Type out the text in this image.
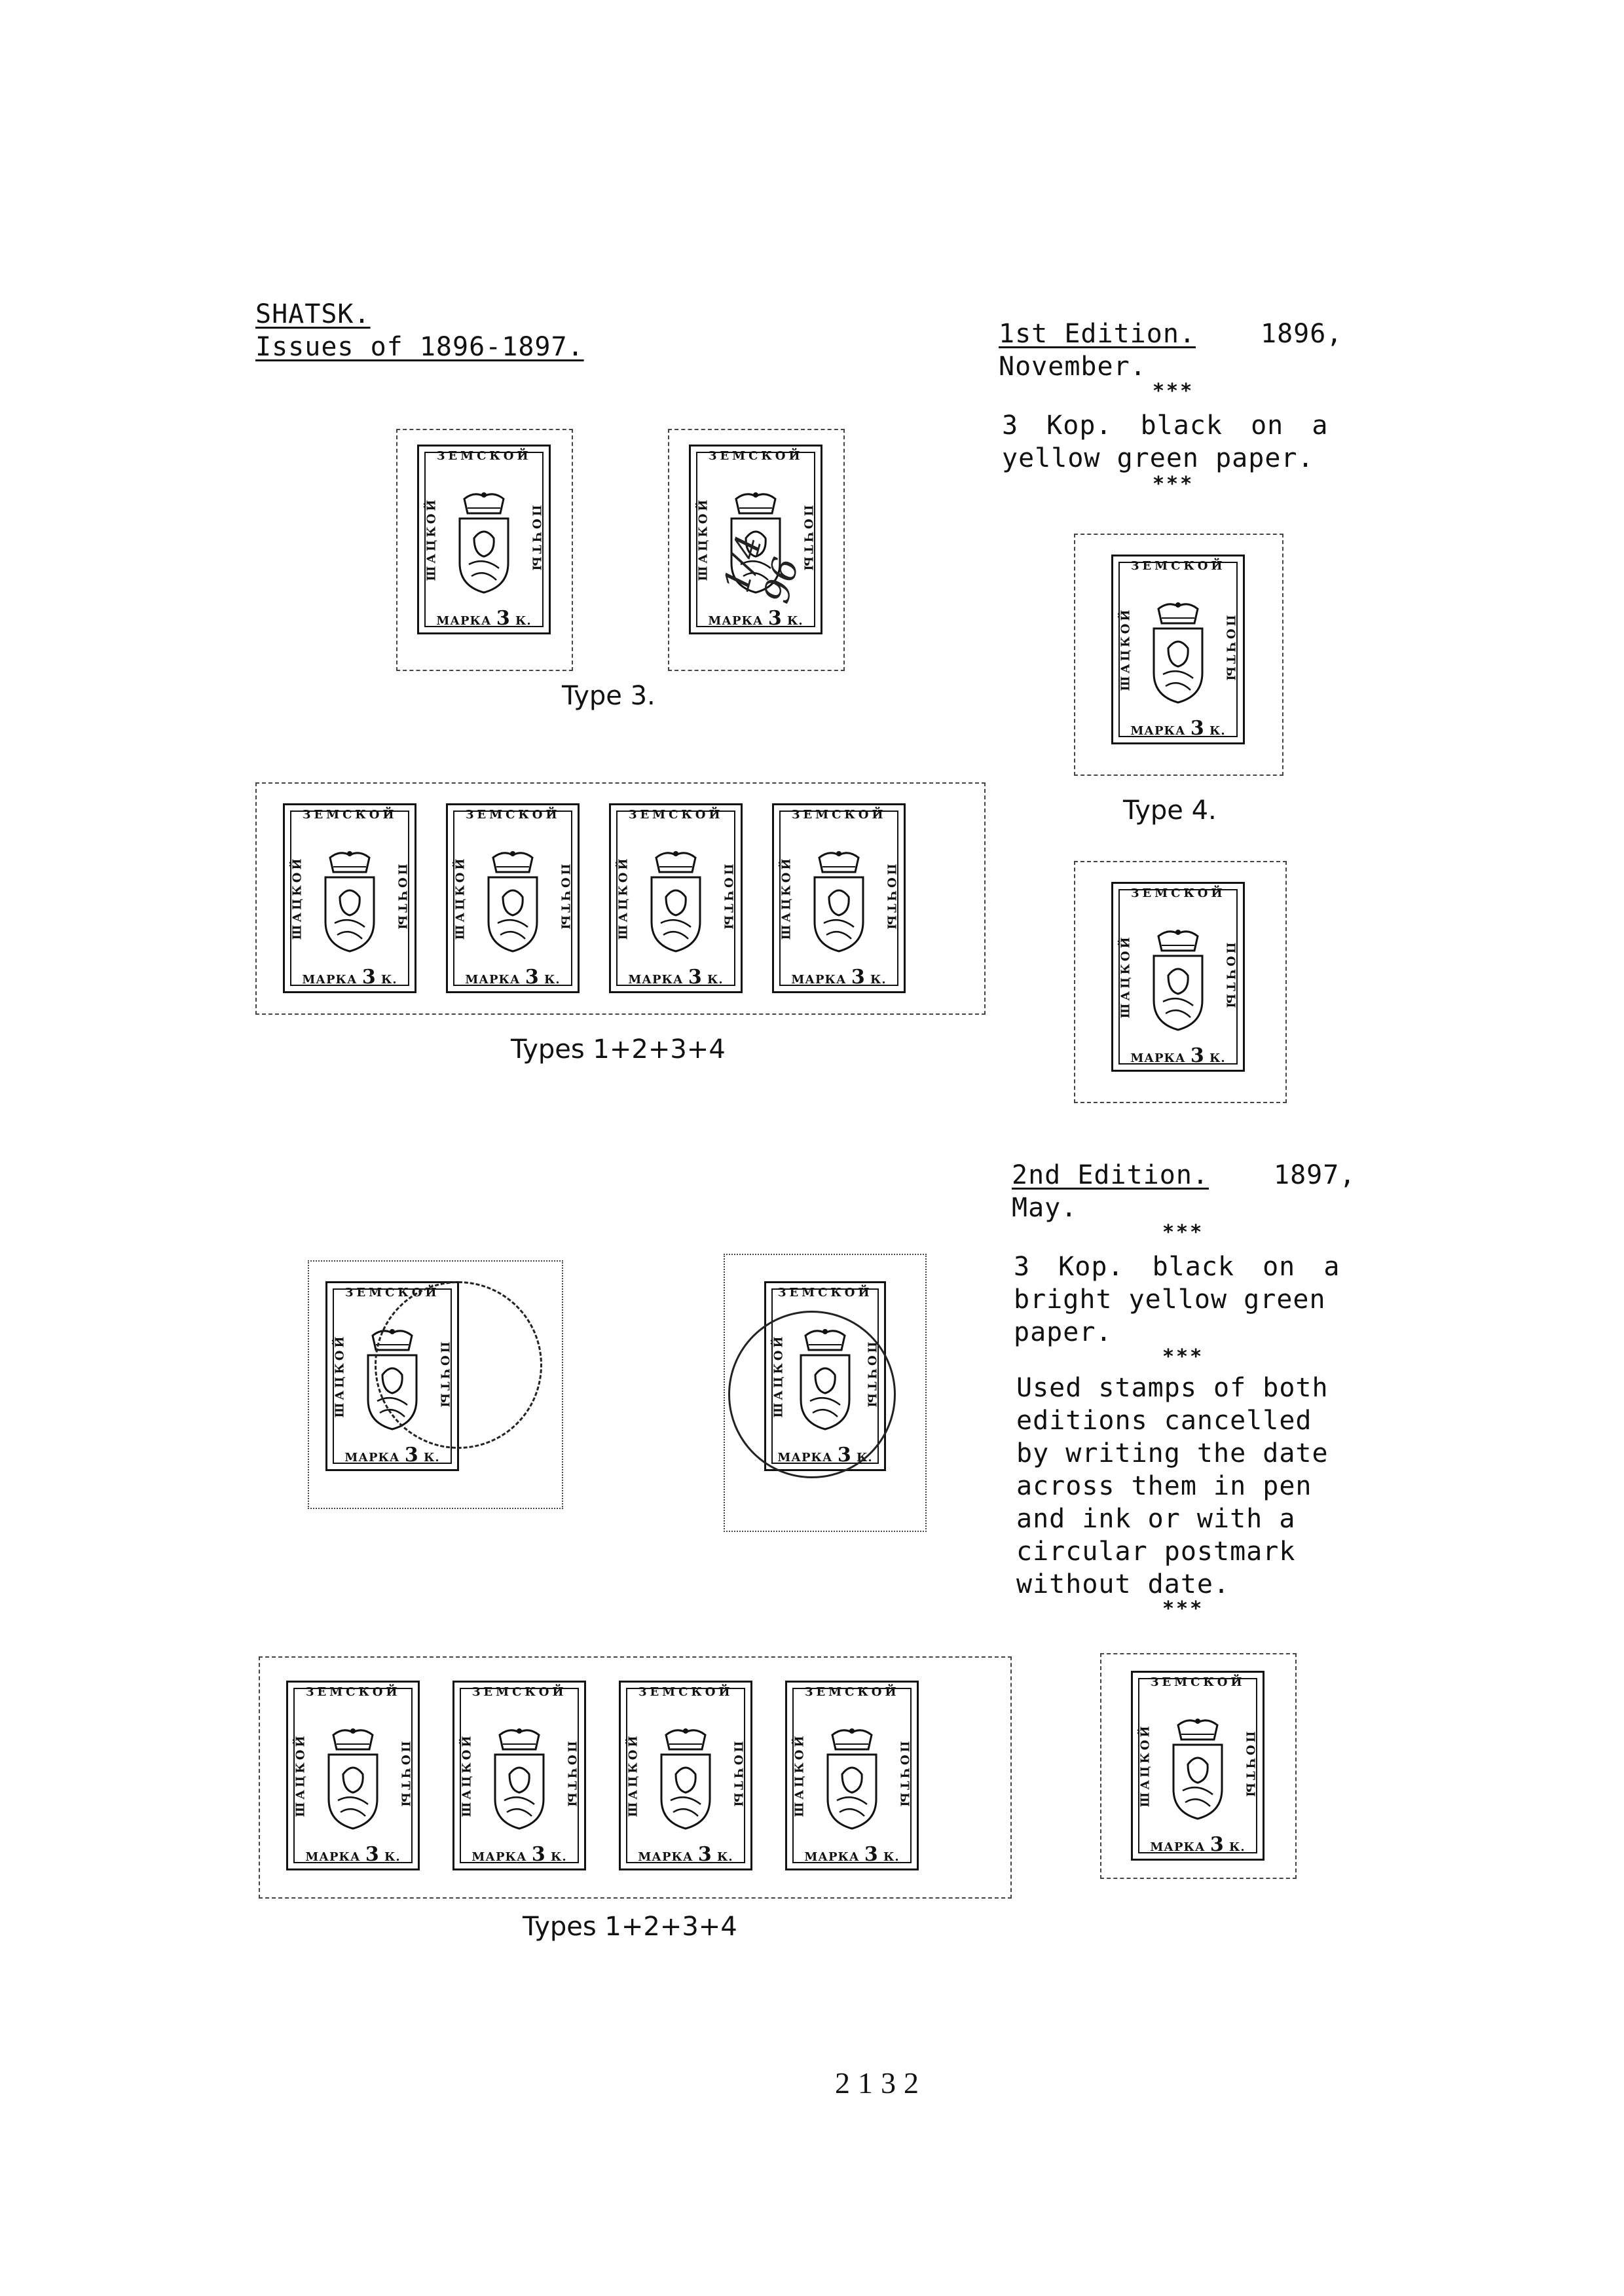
SHATSK.
Issues of 1896-1897.	1st Edition. 1896,
November.
***
3 Kop. black on a
yellow green paper.
***
ЗЕМСКОЙ
ШАЦКОЙ	ПОЧТЫ
МАРКА 3 К.
ЗЕМСКОЙ
ШАЦКОЙ	ПОЧТЫ
МАРКА 3 К.
1/4 96
Type 3.
ЗЕМСКОЙ
ШАЦКОЙ	ПОЧТЫ
МАРКА 3 К.
Type 4.
ЗЕМСКОЙ
ШАЦКОЙ	ПОЧТЫ
МАРКА 3 К.
ЗЕМСКОЙ
ШАЦКОЙ	ПОЧТЫ
МАРКА 3 К.
ЗЕМСКОЙ
ШАЦКОЙ	ПОЧТЫ
МАРКА 3 К.
ЗЕМСКОЙ
ШАЦКОЙ	ПОЧТЫ
МАРКА 3 К.
ЗЕМСКОЙ
ШАЦКОЙ	ПОЧТЫ
МАРКА 3 К.
Types 1+2+3+4
2nd Edition. 1897,
May.
***
3 Kop. black on a
bright yellow green
paper.
***
Used stamps of both
editions cancelled
by writing the date
across them in pen
and ink or with a
circular postmark
without date.
***
ЗЕМСКОЙ
ШАЦКОЙ	ПОЧТЫ
МАРКА 3 К.
ЗЕМСКОЙ
ШАЦКОЙ	ПОЧТЫ
МАРКА 3 К.
ЗЕМСКОЙ
ШАЦКОЙ	ПОЧТЫ
МАРКА 3 К.
ЗЕМСКОЙ
ШАЦКОЙ	ПОЧТЫ
МАРКА 3 К.
ЗЕМСКОЙ
ШАЦКОЙ	ПОЧТЫ
МАРКА 3 К.
ЗЕМСКОЙ
ШАЦКОЙ	ПОЧТЫ
МАРКА 3 К.
Types 1+2+3+4
ЗЕМСКОЙ
ШАЦКОЙ	ПОЧТЫ
МАРКА 3 К.
2132
